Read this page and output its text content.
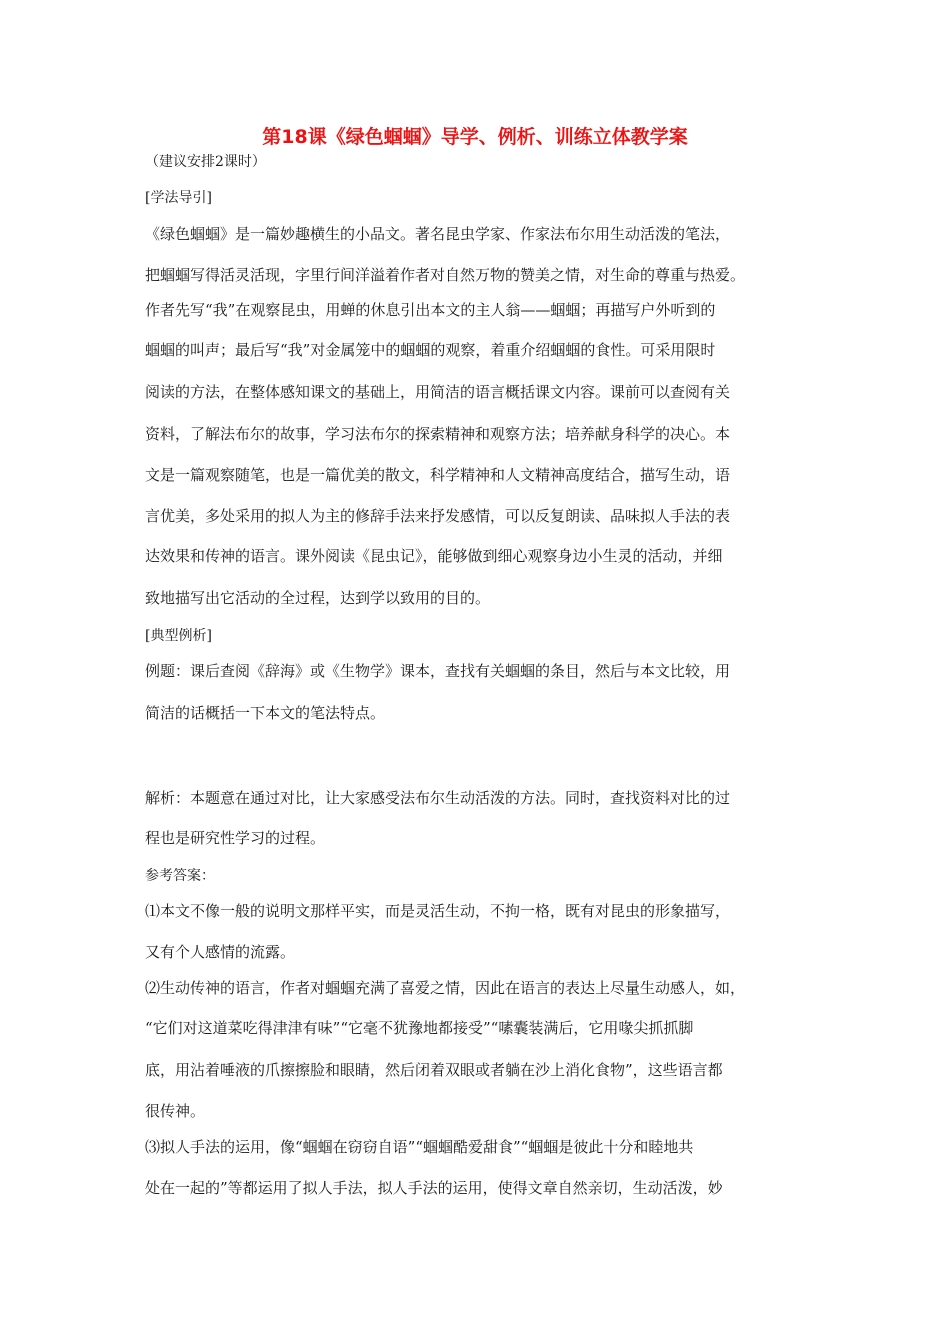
第18课《绿色蝈蝈》导学、例析、训练立体教学案

（建议安排2课时）

[学法导引]

《绿色蝈蝈》是一篇妙趣横生的小品文。著名昆虫学家、作家法布尔用生动活泼的笔法，

把蝈蝈写得活灵活现，字里行间洋溢着作者对自然万物的赞美之情，对生命的尊重与热爱。

作者先写“我”在观察昆虫，用蝉的休息引出本文的主人翁——蝈蝈；再描写户外听到的

蝈蝈的叫声；最后写“我”对金属笼中的蝈蝈的观察，着重介绍蝈蝈的食性。可采用限时

阅读的方法，在整体感知课文的基础上，用简洁的语言概括课文内容。课前可以查阅有关

资料，了解法布尔的故事，学习法布尔的探索精神和观察方法；培养献身科学的决心。本

文是一篇观察随笔，也是一篇优美的散文，科学精神和人文精神高度结合，描写生动，语

言优美，多处采用的拟人为主的修辞手法来抒发感情，可以反复朗读、品味拟人手法的表

达效果和传神的语言。课外阅读《昆虫记》，能够做到细心观察身边小生灵的活动，并细

致地描写出它活动的全过程，达到学以致用的目的。

[典型例析]

例题：课后查阅《辞海》或《生物学》课本，查找有关蝈蝈的条目，然后与本文比较，用

简洁的话概括一下本文的笔法特点。

解析：本题意在通过对比，让大家感受法布尔生动活泼的方法。同时，查找资料对比的过

程也是研究性学习的过程。

参考答案：

⑴本文不像一般的说明文那样平实，而是灵活生动，不拘一格，既有对昆虫的形象描写，

又有个人感情的流露。

⑵生动传神的语言，作者对蝈蝈充满了喜爱之情，因此在语言的表达上尽量生动感人，如，

“它们对这道菜吃得津津有味”“它毫不犹豫地都接受”“嗉囊装满后，它用喙尖抓抓脚

底，用沾着唾液的爪擦擦脸和眼睛，然后闭着双眼或者躺在沙上消化食物”，这些语言都

很传神。

⑶拟人手法的运用，像“蝈蝈在窃窃自语”“蝈蝈酷爱甜食”“蝈蝈是彼此十分和睦地共

处在一起的”等都运用了拟人手法，拟人手法的运用，使得文章自然亲切，生动活泼，妙
